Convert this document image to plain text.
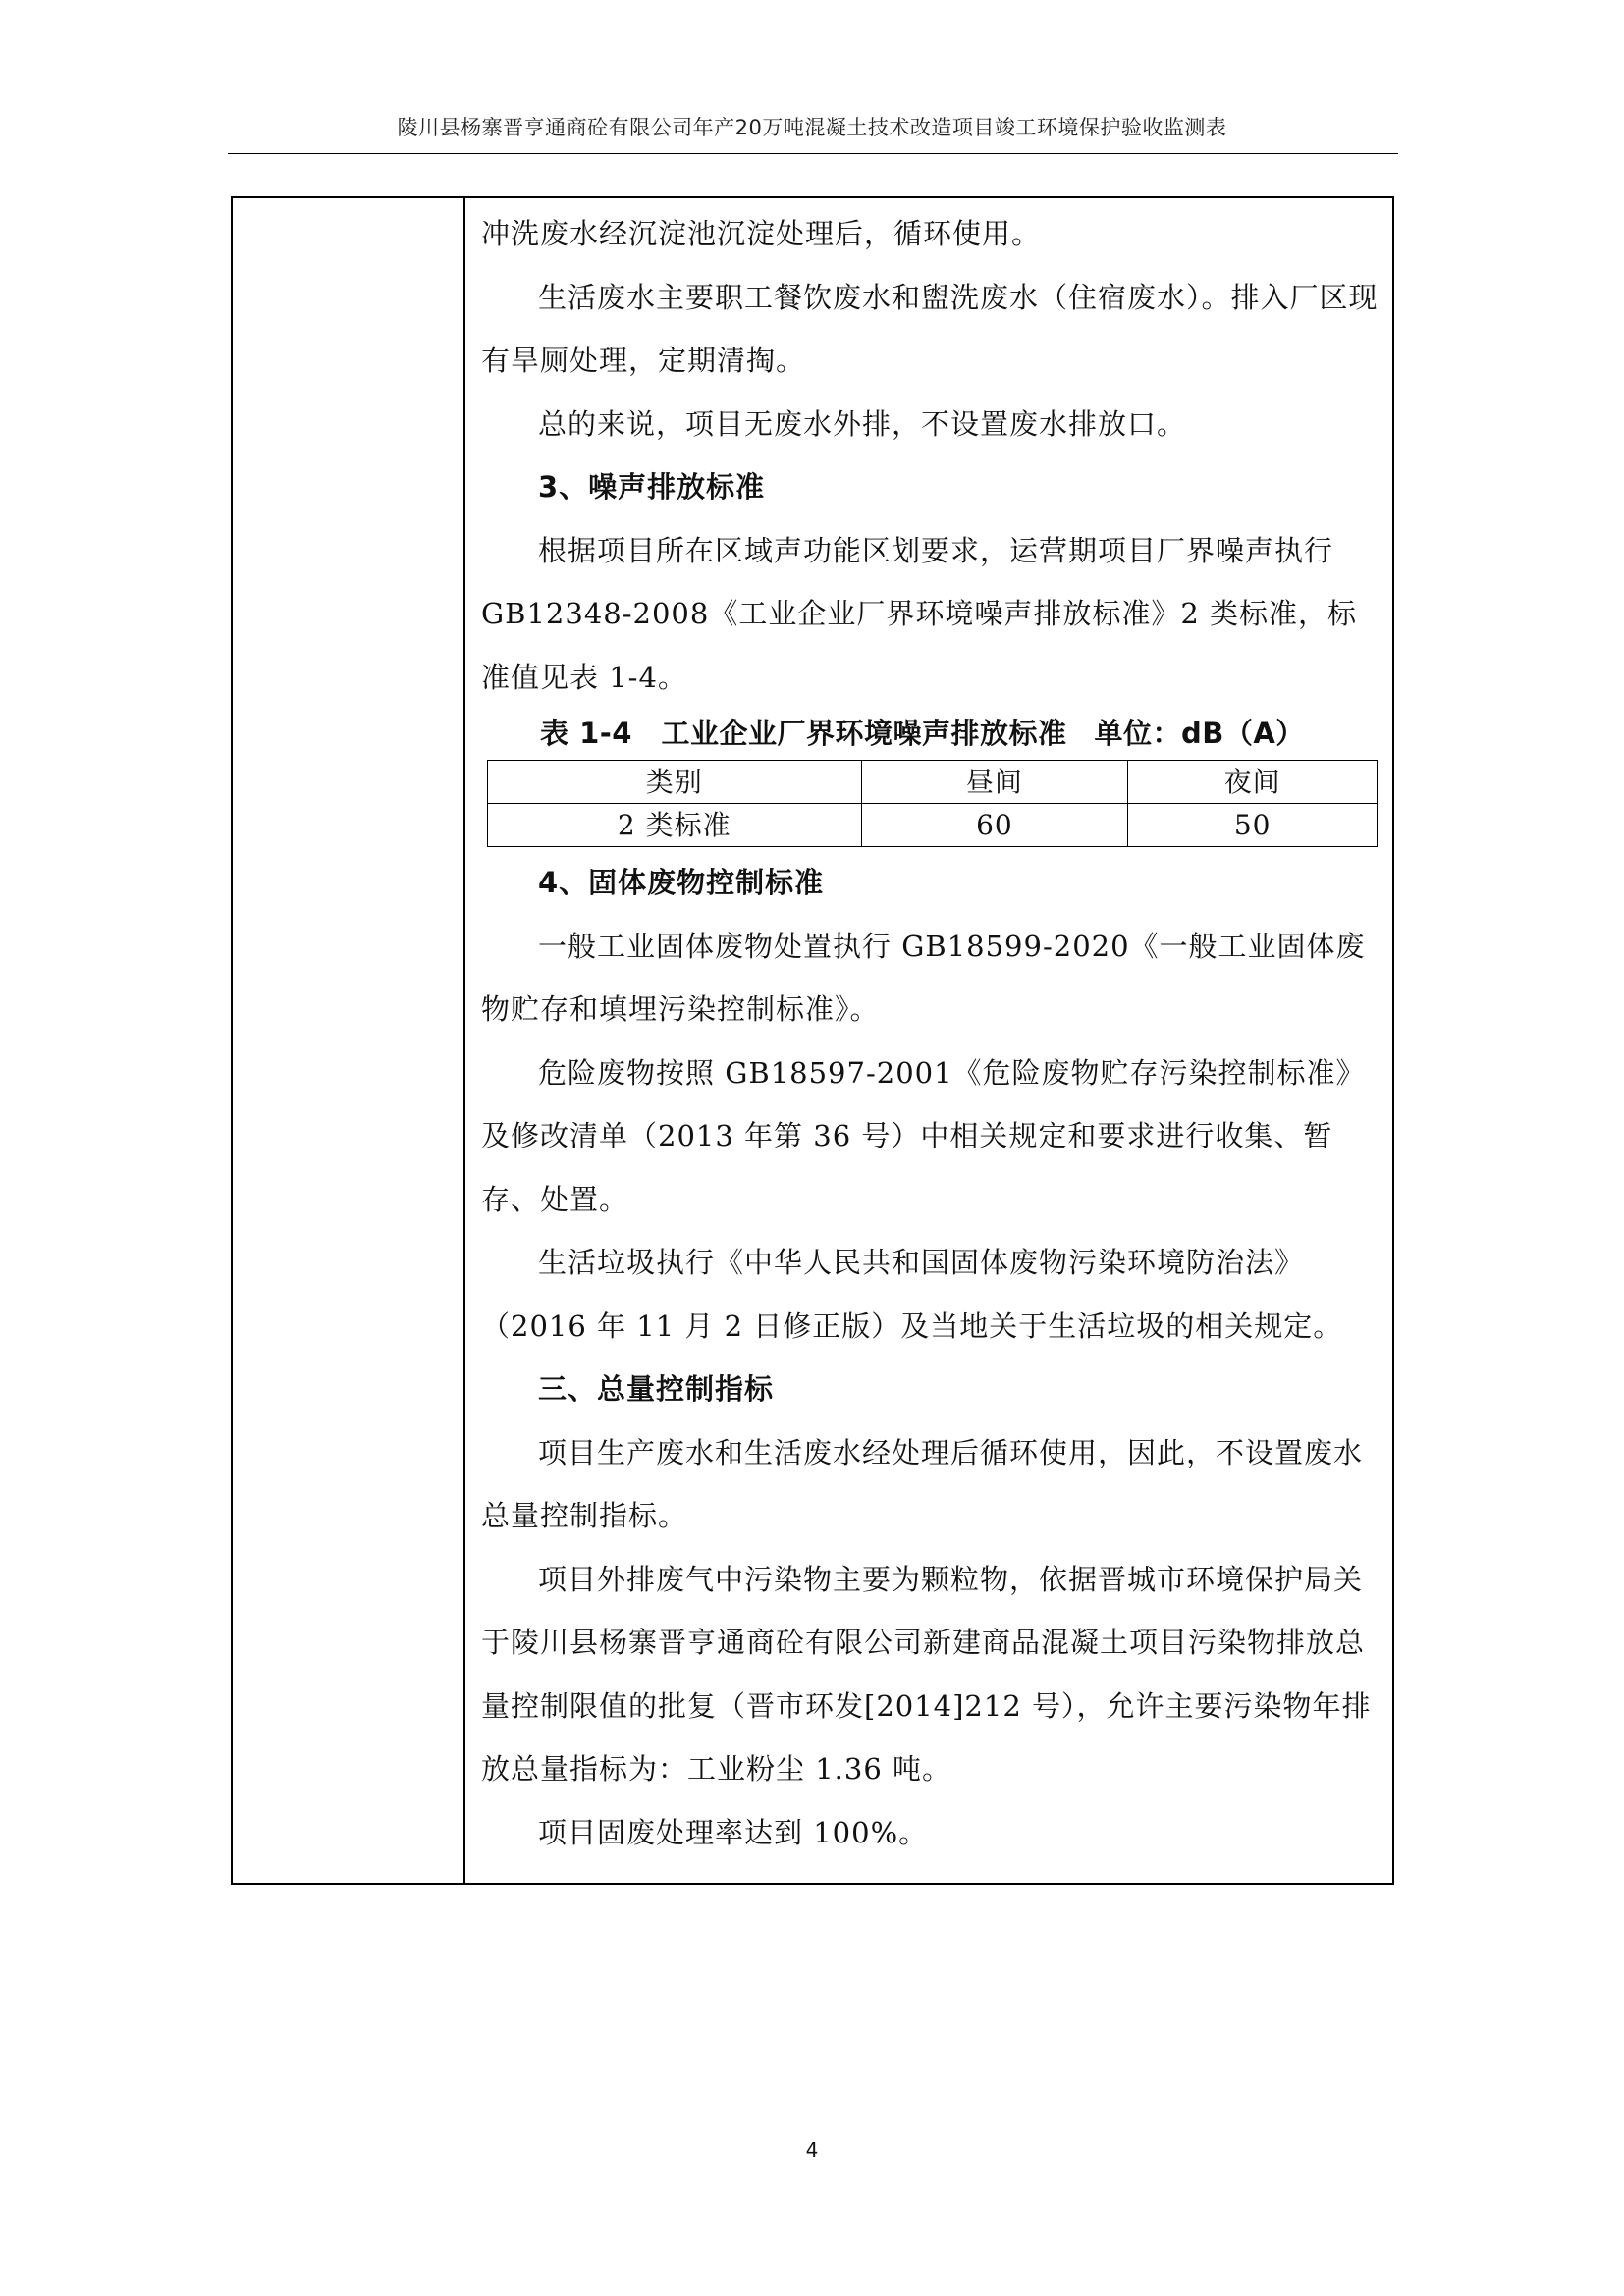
陵川县杨寨晋亨通商砼有限公司年产20万吨混凝土技术改造项目竣工环境保护验收监测表

冲洗废水经沉淀池沉淀处理后，循环使用。

生活废水主要职工餐饮废水和盥洗废水（住宿废水）。排入厂区现有旱厕处理，定期清掏。

总的来说，项目无废水外排，不设置废水排放口。

3、噪声排放标准

根据项目所在区域声功能区划要求，运营期项目厂界噪声执行 GB12348-2008《工业企业厂界环境噪声排放标准》2 类标准，标准值见表 1-4。

表 1-4　工业企业厂界环境噪声排放标准 单位：dB（A）
类别	昼间	夜间
2 类标准	60	50

4、固体废物控制标准

一般工业固体废物处置执行 GB18599-2020《一般工业固体废物贮存和填埋污染控制标准》。

危险废物按照 GB18597-2001《危险废物贮存污染控制标准》及修改清单（2013 年第 36 号）中相关规定和要求进行收集、暂存、处置。

生活垃圾执行《中华人民共和国固体废物污染环境防治法》（2016 年 11 月 2 日修正版）及当地关于生活垃圾的相关规定。

三、总量控制指标

项目生产废水和生活废水经处理后循环使用，因此，不设置废水总量控制指标。

项目外排废气中污染物主要为颗粒物，依据晋城市环境保护局关于陵川县杨寨晋亨通商砼有限公司新建商品混凝土项目污染物排放总量控制限值的批复（晋市环发[2014]212 号），允许主要污染物年排放总量指标为：工业粉尘 1.36 吨。

项目固废处理率达到 100%。

4
